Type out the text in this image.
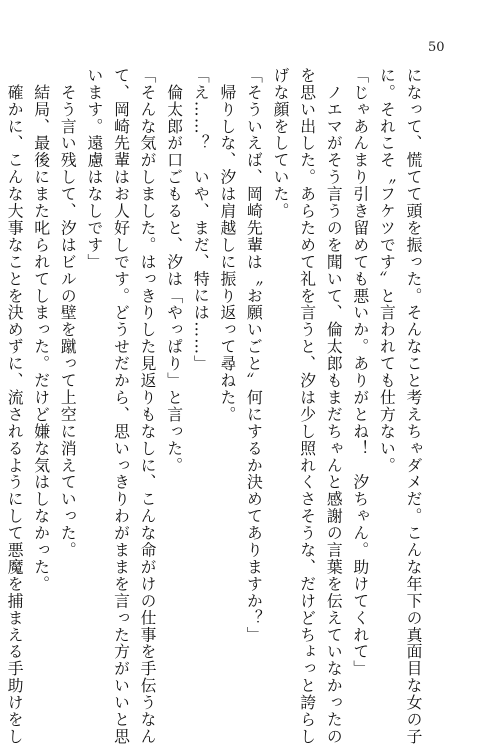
50
になって、慌てて頭を振った。そんなこと考えちゃダメだ。こんな年下の真面目な女の子
に。それこそ〝フケツです〟と言われても仕方ない。
「じゃあんまり引き留めても悪いか。ありがとね！　汐ちゃん。助けてくれて」
　ノエマがそう言うのを聞いて、倫太郎もまだちゃんと感謝の言葉を伝えていなかったの
を思い出した。あらためて礼を言うと、汐は少し照れくさそうな、だけどちょっと誇らし
げな顔をしていた。
「そういえば、岡崎先輩は〝お願いごと〟何にするか決めてありますか？」
　帰りしな、汐は肩越しに振り返って尋ねた。
「え……？　いや、まだ、特には……」
　倫太郎が口ごもると、汐は「やっぱり」と言った。
「そんな気がしました。はっきりした見返りもなしに、こんな命がけの仕事を手伝うなん
て、岡崎先輩はお人好しです。どうせだから、思いっきりわがままを言った方がいいと思
います。遠慮はなしです」
　そう言い残して、汐はビルの壁を蹴って上空に消えていった。
　結局、最後にまた叱られてしまった。だけど嫌な気はしなかった。
　確かに、こんな大事なことを決めずに、流されるようにして悪魔を捕まえる手助けをし
